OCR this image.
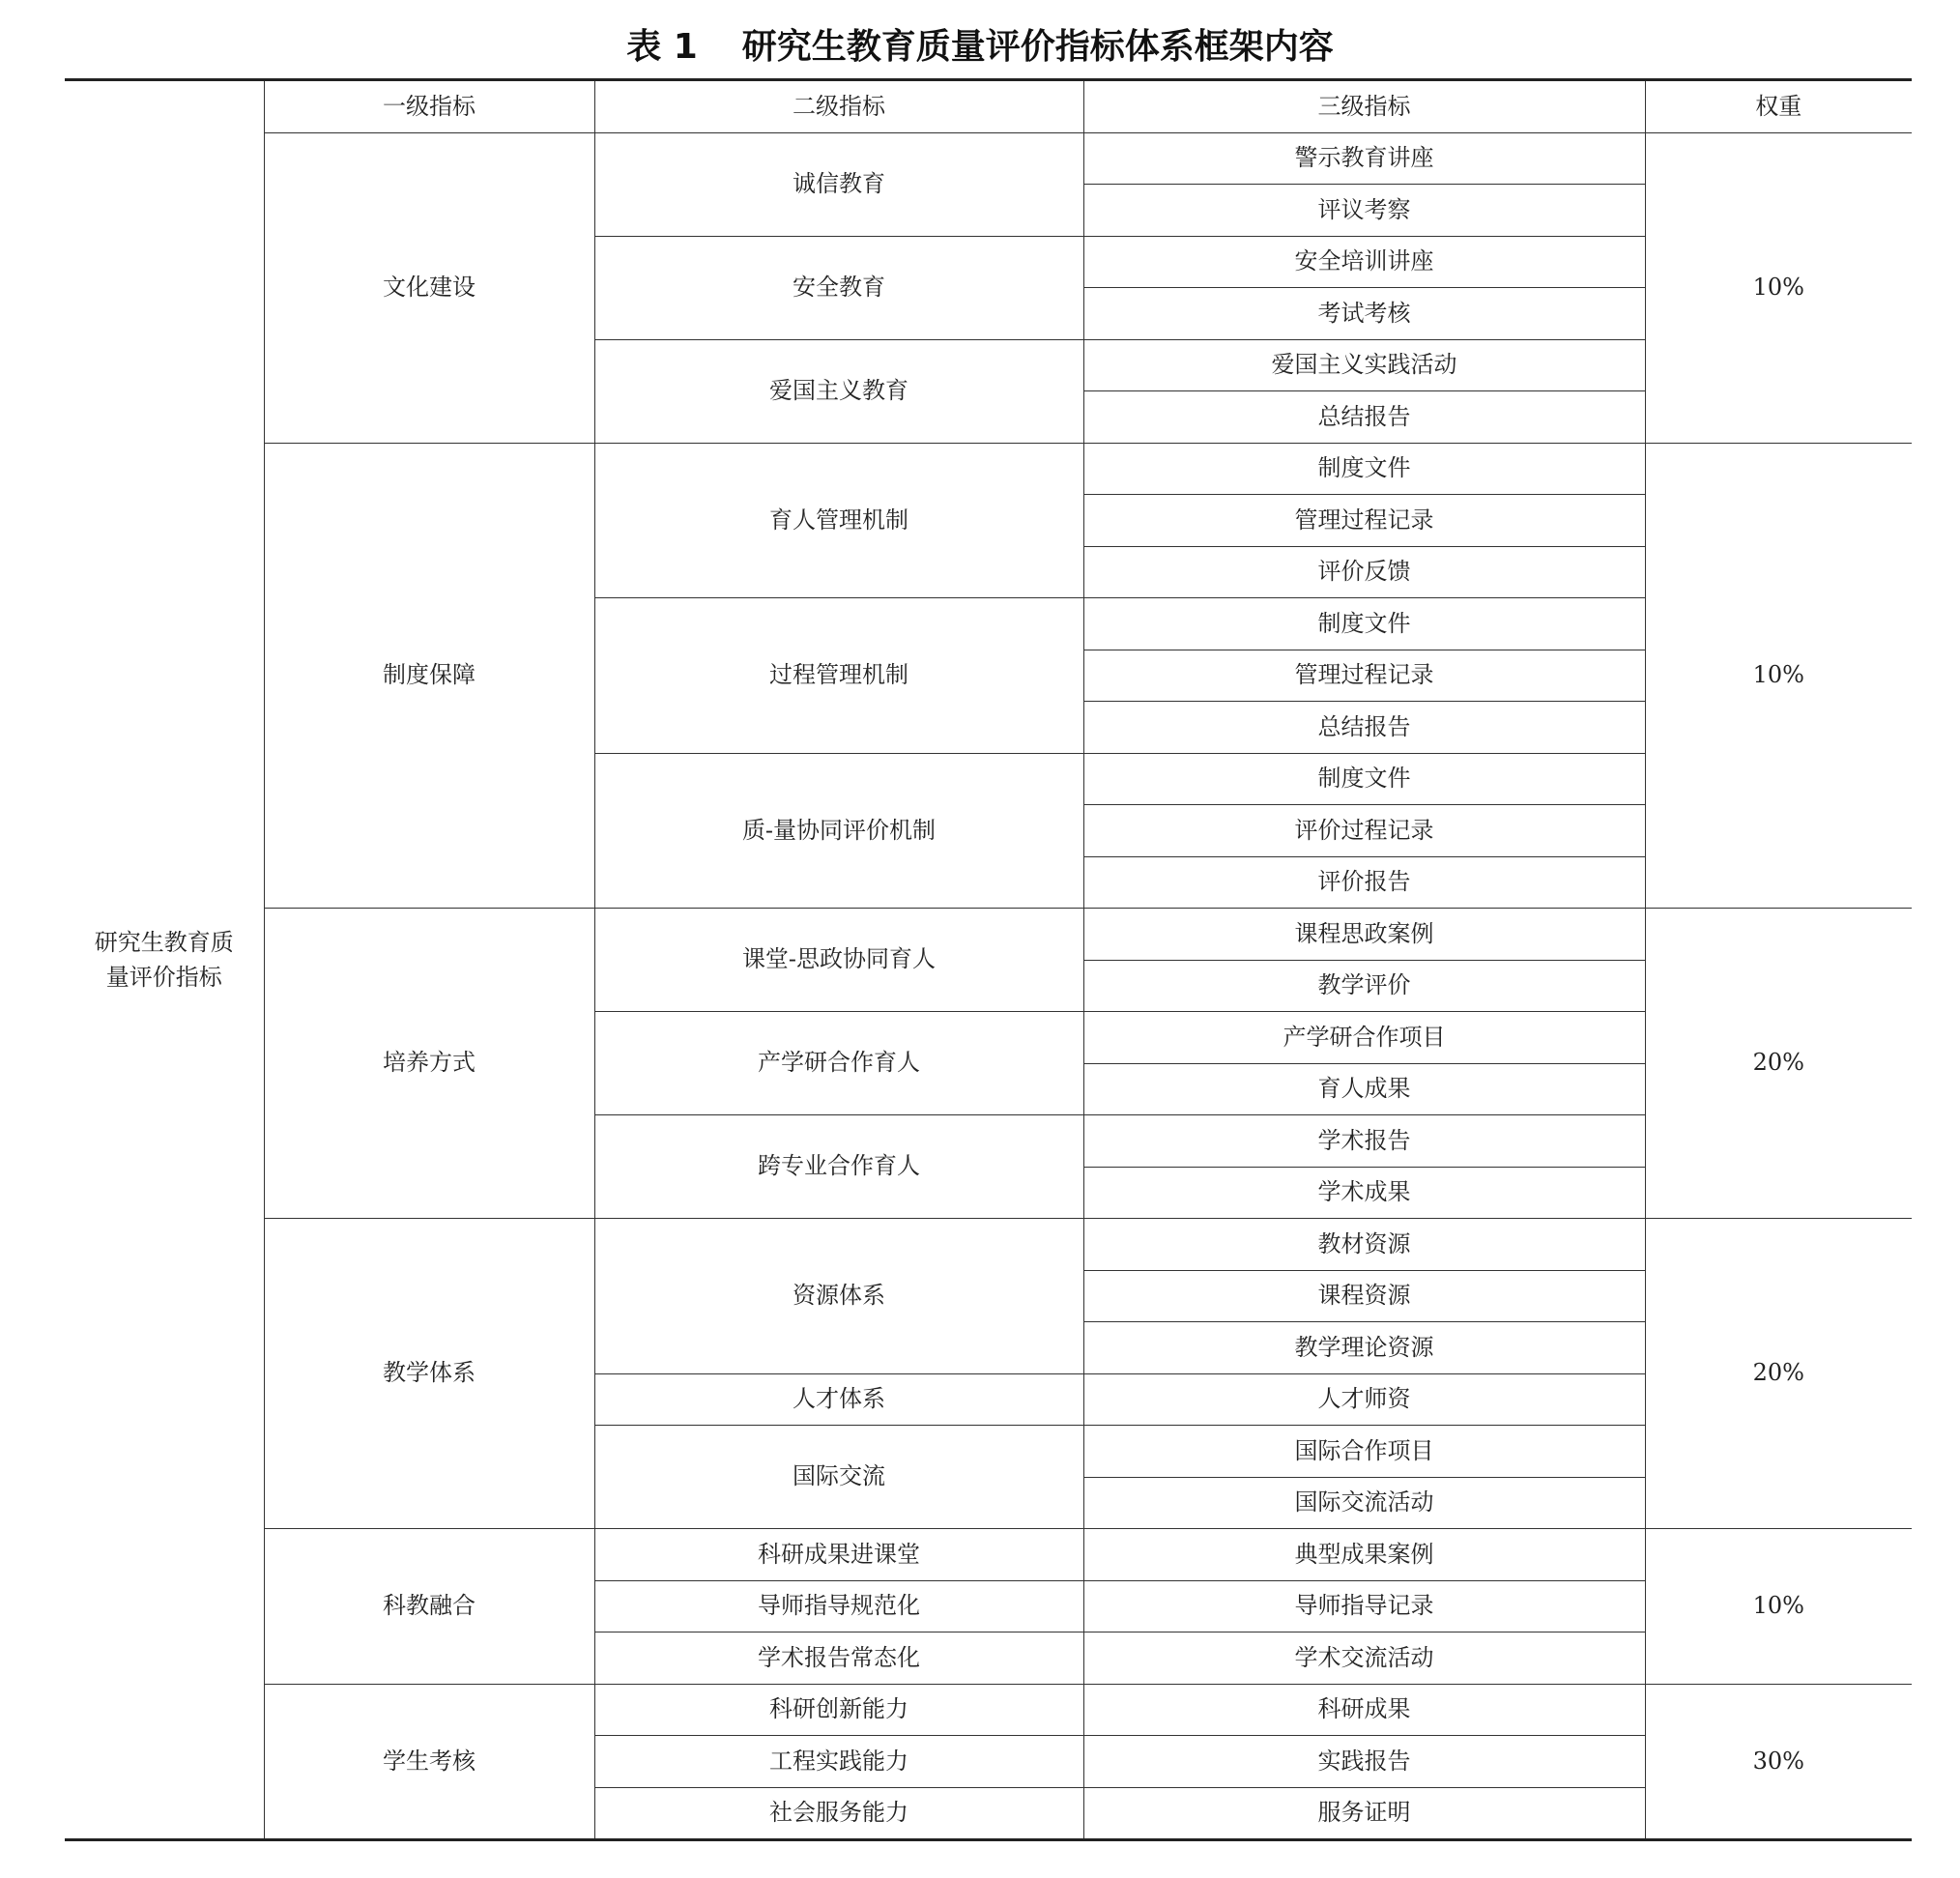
表 1 研究生教育质量评价指标体系框架内容
研究生教育质量评价指标	一级指标	二级指标	三级指标	权重
	文化建设	诚信教育	警示教育讲座	10%
			评议考察	
		安全教育	安全培训讲座	
			考试考核	
		爱国主义教育	爱国主义实践活动	
			总结报告	
	制度保障	育人管理机制	制度文件	10%
			管理过程记录	
			评价反馈	
		过程管理机制	制度文件	
			管理过程记录	
			总结报告	
		质-量协同评价机制	制度文件	
			评价过程记录	
			评价报告	
	培养方式	课堂-思政协同育人	课程思政案例	20%
			教学评价	
		产学研合作育人	产学研合作项目	
			育人成果	
		跨专业合作育人	学术报告	
			学术成果	
	教学体系	资源体系	教材资源	20%
			课程资源	
			教学理论资源	
		人才体系	人才师资	
		国际交流	国际合作项目	
			国际交流活动	
	科教融合	科研成果进课堂	典型成果案例	10%
		导师指导规范化	导师指导记录	
		学术报告常态化	学术交流活动	
	学生考核	科研创新能力	科研成果	30%
		工程实践能力	实践报告	
		社会服务能力	服务证明	
